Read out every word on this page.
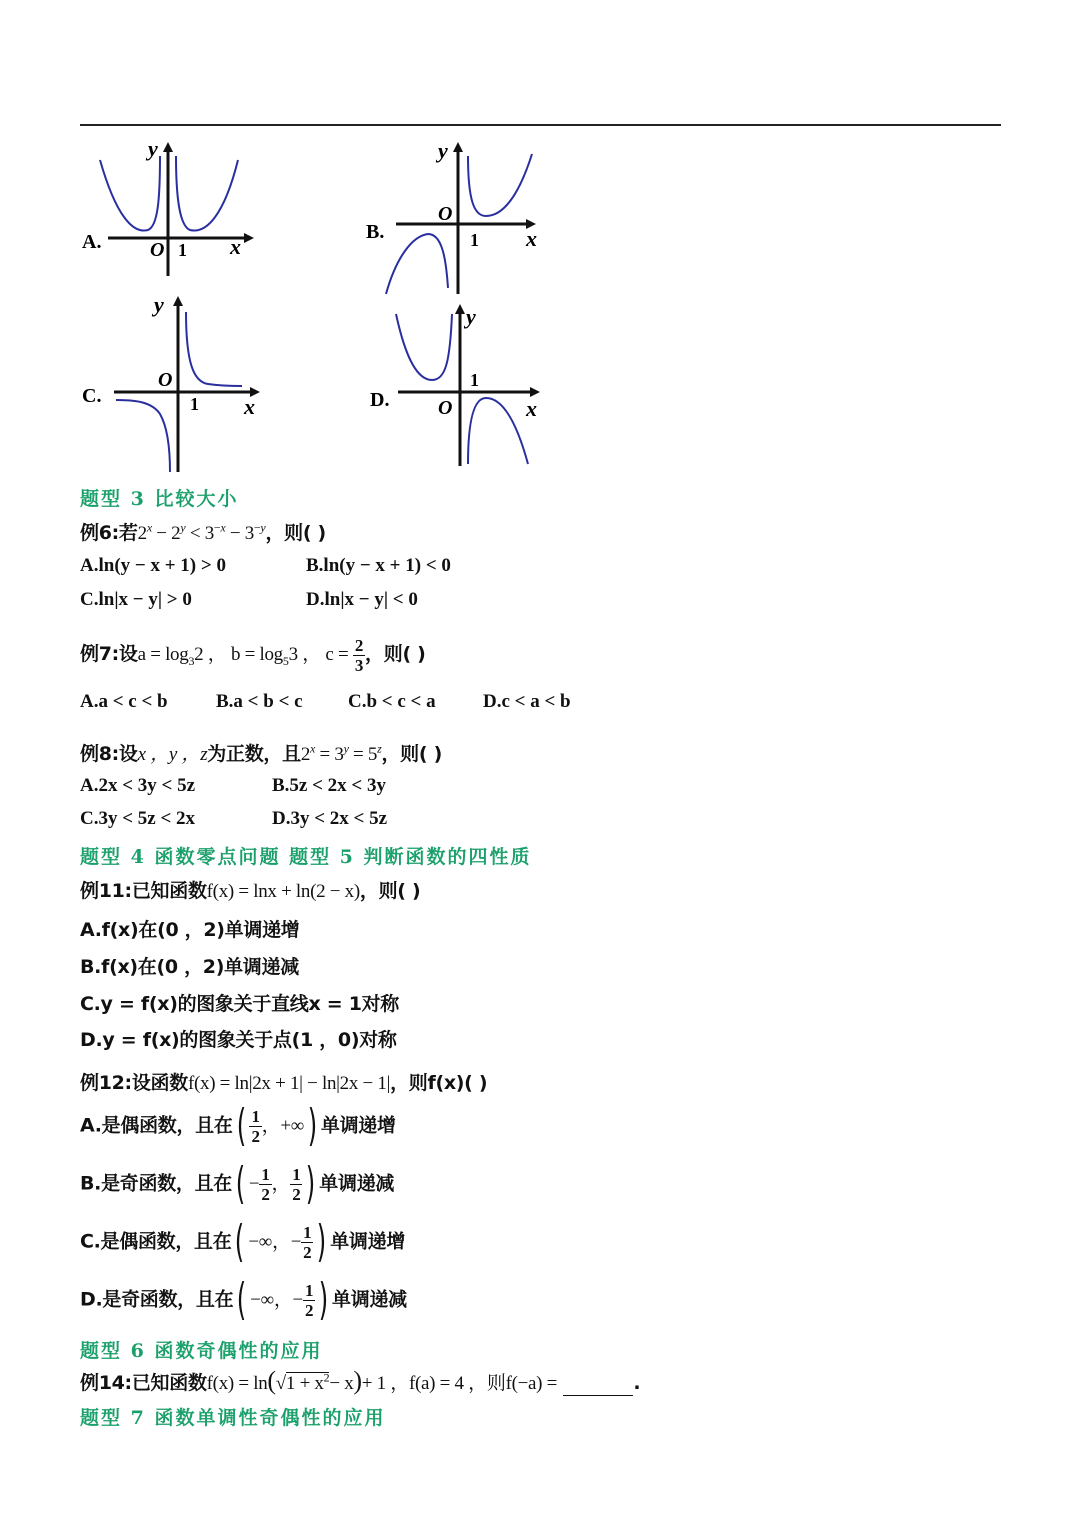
A.
y
O 1 x
B.
y
O
1 x
C.
y
O
1 x	D.
y
O
1
x
题型 3 比较大小
例6:若$2^x - 2^y < 3^{-x} - 3^{-y}$，则( )
A.ln(y − x + 1) > 0	B.ln(y − x + 1) < 0
C.ln|x − y| > 0	D.ln|x − y| < 0
例7:设$a = \log_32$ ， $b = \log_53$ ， $c = \frac{2}{3}$ ，则( )
A.a < c < b	B.a < b < c C.b < c < a D.c < a < b
例8:设x ，y ，z为正数，且$2^x = 3^y = 5^z$，则( )
A.2x < 3y < 5z	B.5z < 2x < 3y
C.3y < 5z < 2x	D.3y < 2x < 5z
题型 4 函数零点问题 题型 5 判断函数的四性质
例11:已知函数f(x) = lnx + ln(2 − x)，则( )
A.f(x)在(0 ，2)单调递增
B.f(x)在(0 ，2)单调递减
C.y = f(x)的图象关于直线x = 1对称
D.y = f(x)的图象关于点(1 ，0)对称
例12:设函数f(x) = ln|2x + 1| − ln|2x − 1|，则f(x)( )
A.是偶函数，且在( $\frac{1}{2}$ ，+∞) 单调递增
B.是奇函数，且在( − $\frac{1}{2}$ ， $\frac{1}{2}$ ) 单调递减
C.是偶函数，且在( −∞，− $\frac{1}{2}$ ) 单调递增
D.是奇函数，且在( −∞，− $\frac{1}{2}$ ) 单调递减
题型 6 函数奇偶性的应用
例14:已知函数$f(x) = \ln(√1 + x^2- x)+ 1$ ，f(a) = 4 ，则f(−a) =	.
题型 7 函数单调性奇偶性的应用
